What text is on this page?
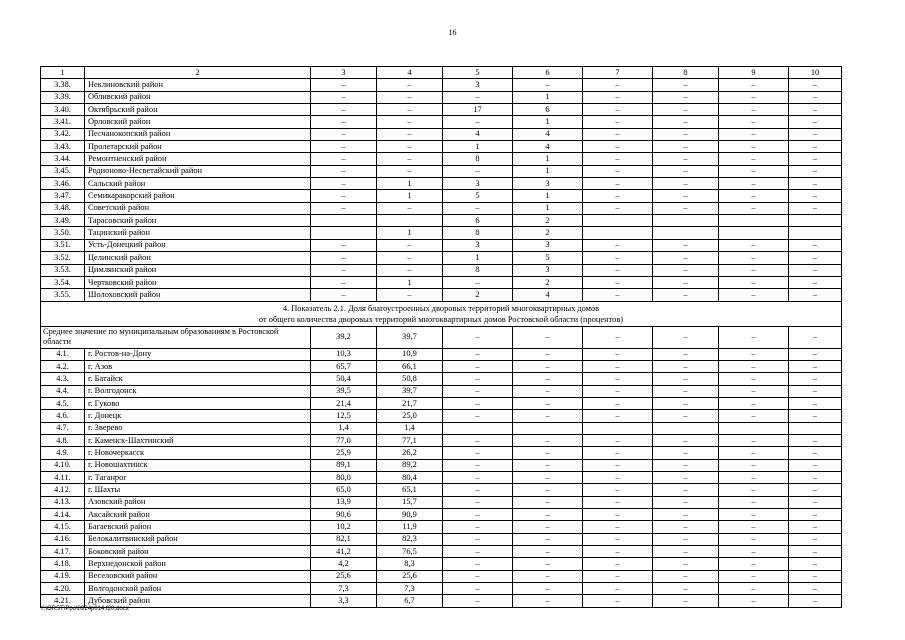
16
1	2	3	4	5	6	7	8	9	10
3.38.	Неклиновский район	–	–	3	–	–	–	–	–
3.39.	Обливский район	–	–	–	1	–	–	–	–
3.40.	Октябрьский район	–	–	17	6	–	–	–	–
3.41.	Орловский район	–	–	–	1	–	–	–	–
3.42.	Песчанокопский район	–	–	4	4	–	–	–	–
3.43.	Пролетарский район	–	–	1	4	–	–	–	–
3.44.	Ремонтненский район	–	–	8	1	–	–	–	–
3.45.	Родионово-Несветайский район	–	–	–	1	–	–	–	–
3.46.	Сальский район	–	1	3	3	–	–	–	–
3.47.	Семикаракорский район	–	1	5	1	–	–	–	–
3.48.	Советский район	–	–	–	1	–	–	–	–
3.49.	Тарасовский район			6	2				
3.50.	Тацинский район		1	8	2				
3.51.	Усть-Донецкий район	–	–	3	3	–	–	–	–
3.52.	Целинский район	–	–	1	5	–	–	–	–
3.53.	Цимлянский район	–	–	8	3	–	–	–	–
3.54.	Чертковский район	–	1	–	2	–	–	–	–
3.55.	Шолоховский район	–	–	2	4	–	–	–	–

4. Показатель 2.1. Доля благоустроенных дворовых территорий многоквартирных домов
от общего количества дворовых территорий многоквартирных домов Ростовской области (процентов)									

Среднее значение по муниципальным образованиям в Ростовской области		39,2	39,7	–	–	–	–	–	–
4.1.	г. Ростов-на-Дону	10,3	10,9	–	–	–	–	–	–
4.2.	г. Азов	65,7	66,1	–	–	–	–	–	–
4.3.	г. Батайск	50,4	50,8	–	–	–	–	–	–
4.4.	г. Волгодонск	39,5	39,7	–	–	–	–	–	–
4.5.	г. Гуково	21,4	21,7	–	–	–	–	–	–
4.6.	г. Донецк	12,5	25,0	–	–	–	–	–	–
4.7.	г. Зверево	1,4	1,4						
4.8.	г. Каменск-Шахтинский	77,0	77,1	–	–	–	–	–	–
4.9.	г. Новочеркасск	25,9	26,2	–	–	–	–	–	–
4.10.	г. Новошахтинск	89,1	89,2	–	–	–	–	–	–
4.11.	г. Таганрог	80,0	80,4	–	–	–	–	–	–
4.12.	г. Шахты	65,0	65,1	–	–	–	–	–	–
4.13.	Азовский район	13,9	15,7	–	–	–	–	–	–
4.14.	Аксайский район	90,6	90,9	–	–	–	–	–	–
4.15.	Багаевский район	10,2	11,9	–	–	–	–	–	–
4.16.	Белокалитвинский район	82,1	82,3	–	–	–	–	–	–
4.17.	Боковский район	41,2	76,5	–	–	–	–	–	–
4.18.	Верхнедонской район	4,2	8,3	–	–	–	–	–	–
4.19.	Веселовский район	25,6	25,6	–	–	–	–	–	–
4.20.	Волгодонской район	7,3	7,3	–	–	–	–	–	–
4.21.	Дубовский район	3,3	6,7	–	–	–	–	–	–
Y:\ORST\Ppo\0924p014.f20.docx
